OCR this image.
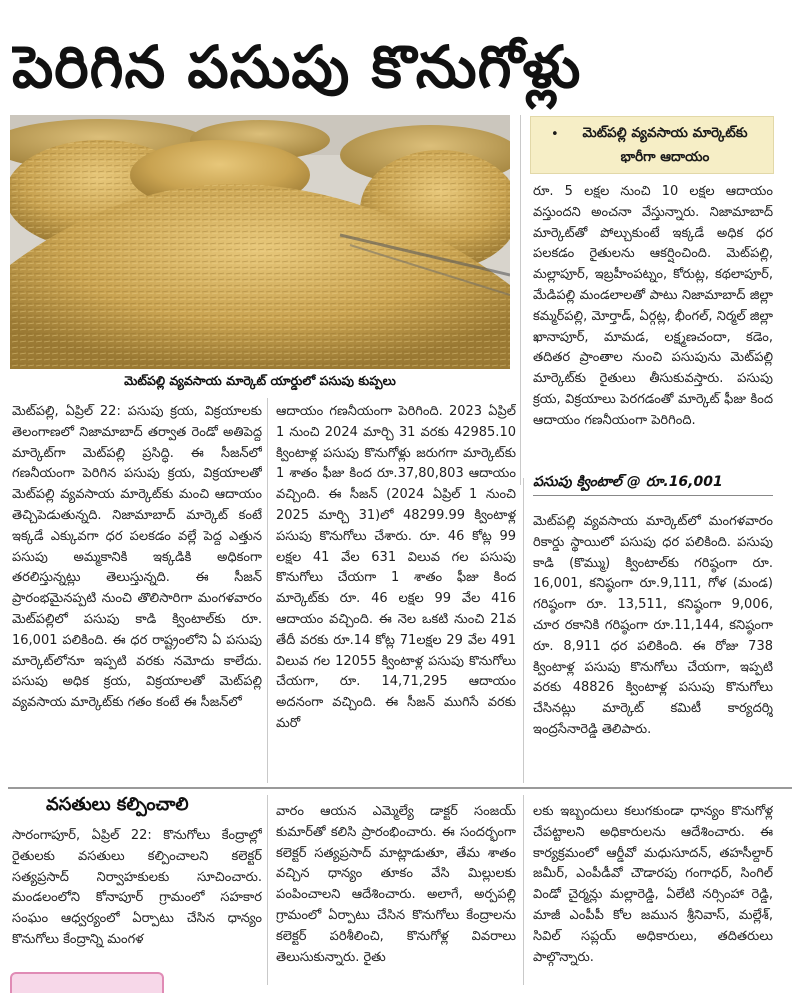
పెరిగిన పసుపు కొనుగోళ్లు

మెట్‌పల్లి వ్యవసాయ మార్కెట్‌ యార్డులో పసుపు కుప్పలు

•	మెట్‌పల్లి వ్యవసాయ మార్కెట్‌కు భారీగా ఆదాయం

మెట్‌పల్లి, ఏప్రిల్‌ 22: పసుపు క్రయ, విక్రయాలకు తెలంగాణలో నిజామాబాద్‌ తర్వాత రెండో అతిపెద్ద మార్కెట్‌గా మెట్‌పల్లి ప్రసిద్ధి. ఈ సీజన్‌లో గణనీయంగా పెరిగిన పసుపు క్రయ, విక్రయాలతో మెట్‌పల్లి వ్యవసాయ మార్కెట్‌కు మంచి ఆదాయం తెచ్చిపెడుతున్నది. నిజామాబాద్‌ మార్కెట్‌ కంటే ఇక్కడే ఎక్కువగా ధర పలకడం వల్లే పెద్ద ఎత్తున పసుపు అమ్మకానికి ఇక్కడికి అధికంగా తరలిస్తున్నట్లు తెలుస్తున్నది. ఈ సీజన్‌ ప్రారంభమైనప్పటి నుంచి తొలిసారిగా మంగళవారం మెట్‌పల్లిలో పసుపు కాడి క్వింటాల్‌కు రూ. 16,001 పలికింది. ఈ ధర రాష్ట్రంలోని ఏ పసుపు మార్కెట్‌లోనూ ఇప్పటి వరకు నమోదు కాలేదు. పసుపు అధిక క్రయ, విక్రయాలతో మెట్‌పల్లి వ్యవసాయ మార్కెట్‌కు గతం కంటే ఈ సీజన్‌లో

ఆదాయం గణనీయంగా పెరిగింది. 2023 ఏప్రిల్‌ 1 నుంచి 2024 మార్చి 31 వరకు 42985.10 క్వింటాళ్ల పసుపు కొనుగోళ్లు జరుగగా మార్కెట్‌కు 1 శాతం ఫీజు కింద రూ.37,80,803 ఆదాయం వచ్చింది. ఈ సీజన్‌ (2024 ఏప్రిల్‌ 1 నుంచి 2025 మార్చి 31)లో 48299.99 క్వింటాళ్ల పసుపు కొనుగోలు చేశారు. రూ. 46 కోట్ల 99 లక్షల 41 వేల 631 విలువ గల పసుపు కొనుగోలు చేయగా 1 శాతం ఫీజు కింద మార్కెట్‌కు రూ. 46 లక్షల 99 వేల 416 ఆదాయం వచ్చింది. ఈ నెల ఒకటి నుంచి 21వ తేదీ వరకు రూ.14 కోట్ల 71లక్షల 29 వేల 491 విలువ గల 12055 క్వింటాళ్ల పసుపు కొనుగోలు చేయగా, రూ. 14,71,295 ఆదాయం అదనంగా వచ్చింది. ఈ సీజన్‌ ముగిసే వరకు మరో

రూ. 5 లక్షల నుంచి 10 లక్షల ఆదాయం వస్తుందని అంచనా వేస్తున్నారు. నిజామాబాద్‌ మార్కెట్‌తో పోల్చుకుంటే ఇక్కడే అధిక ధర పలకడం రైతులను ఆకర్షించింది. మెట్‌పల్లి, మల్లాపూర్‌, ఇబ్రహీంపట్నం, కోరుట్ల, కథలాపూర్‌, మేడిపల్లి మండలాలతో పాటు నిజామాబాద్‌ జిల్లా కమ్మర్‌పల్లి, మోర్తాడ్‌, ఏర్గట్ల, భీంగల్‌, నిర్మల్‌ జిల్లా ఖానాపూర్‌, మామడ, లక్ష్మణచందా, కడెం, తదితర ప్రాంతాల నుంచి పసుపును మెట్‌పల్లి మార్కెట్‌కు రైతులు తీసుకువస్తారు. పసుపు క్రయ, విక్రయాలు పెరగడంతో మార్కెట్‌ ఫీజు కింద ఆదాయం గణనీయంగా పెరిగింది.

పసుపు క్వింటాల్‌ @ రూ.16,001

మెట్‌పల్లి వ్యవసాయ మార్కెట్‌లో మంగళవారం రికార్డు స్థాయిలో పసుపు ధర పలికింది. పసుపు కాడి (కొమ్ము) క్వింటాల్‌కు గరిష్ఠంగా రూ. 16,001, కనిష్ఠంగా రూ.9,111, గోళ (మండ) గరిష్ఠంగా రూ. 13,511, కనిష్ఠంగా 9,006, చూర రకానికి గరిష్ఠంగా రూ.11,144, కనిష్ఠంగా రూ. 8,911 ధర పలికింది. ఈ రోజు 738 క్వింటాళ్ల పసుపు కొనుగోలు చేయగా, ఇప్పటి వరకు 48826 క్వింటాళ్ల పసుపు కొనుగోలు చేసినట్లు మార్కెట్‌ కమిటీ కార్యదర్శి ఇంద్రసేనారెడ్డి తెలిపారు.

వసతులు కల్పించాలి

సారంగాపూర్‌, ఏప్రిల్‌ 22: కొనుగోలు కేంద్రాల్లో రైతులకు వసతులు కల్పించాలని కలెక్టర్‌ సత్యప్రసాద్‌ నిర్వాహకులకు సూచించారు. మండలంలోని కోనాపూర్‌ గ్రామంలో సహకార సంఘం ఆధ్వర్యంలో ఏర్పాటు చేసిన ధాన్యం కొనుగోలు కేంద్రాన్ని మంగళ

వారం ఆయన ఎమ్మెల్యే డాక్టర్‌ సంజయ్‌ కుమార్‌తో కలిసి ప్రారంభించారు. ఈ సందర్భంగా కలెక్టర్‌ సత్యప్రసాద్‌ మాట్లాడుతూ, తేమ శాతం వచ్చిన ధాన్యం తూకం వేసి మిల్లులకు పంపించాలని ఆదేశించారు. అలాగే, అర్పపల్లి గ్రామంలో ఏర్పాటు చేసిన కొనుగోలు కేంద్రాలను కలెక్టర్‌ పరిశీలించి, కొనుగోళ్ల వివరాలు తెలుసుకున్నారు. రైతు

లకు ఇబ్బందులు కలుగకుండా ధాన్యం కొనుగోళ్ల చేపట్టాలని అధికారులను ఆదేశించారు. ఈ కార్యక్రమంలో ఆర్డీవో మధుసూదన్‌, తహసీల్దార్‌ జమీర్‌, ఎంపీడీవో చౌడారపు గంగాధర్‌, సింగిల్‌ విండో చైర్మన్లు మల్లారెడ్డి, ఏలేటి నర్సింహా రెడ్డి, మాజీ ఎంపీపీ కోల జమున శ్రీనివాస్‌, మల్లేశ్‌, సివిల్‌ సప్లయ్‌ అధికారులు, తదితరులు పాల్గొన్నారు.
